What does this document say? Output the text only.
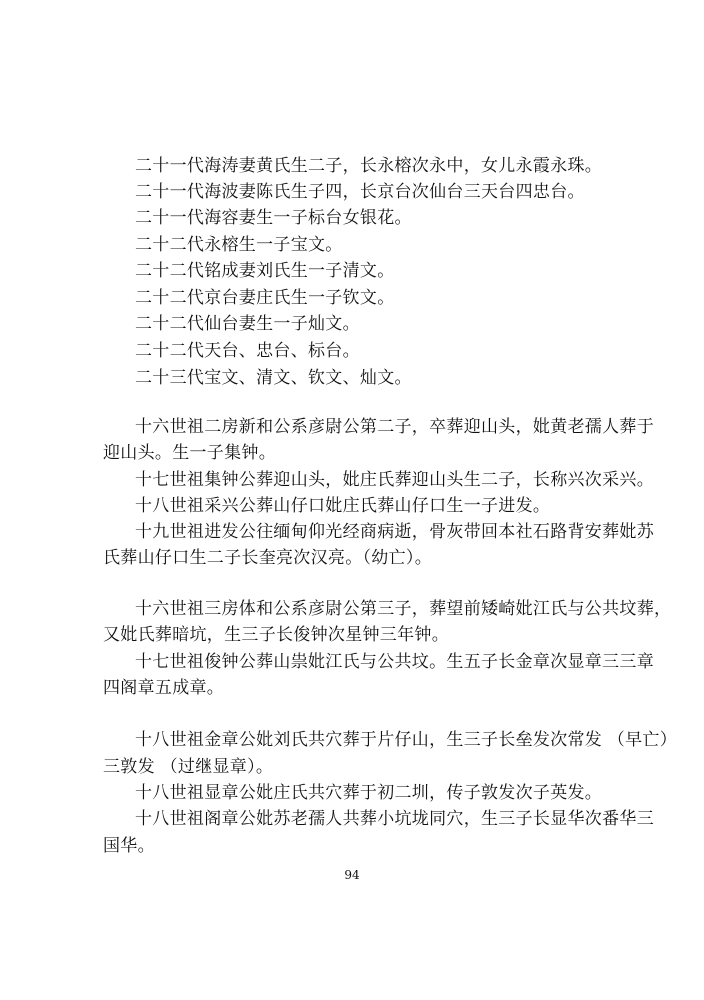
二十一代海涛妻黄氏生二子，长永榕次永中，女儿永霞永珠。
二十一代海波妻陈氏生子四，长京台次仙台三天台四忠台。
二十一代海容妻生一子标台女银花。
二十二代永榕生一子宝文。
二十二代铭成妻刘氏生一子清文。
二十二代京台妻庄氏生一子钦文。
二十二代仙台妻生一子灿文。
二十二代天台、忠台、标台。
二十三代宝文、清文、钦文、灿文。
十六世祖二房新和公系彦尉公第二子，卒葬迎山头，妣黄老孺人葬于
迎山头。生一子集钟。
十七世祖集钟公葬迎山头，妣庄氏葬迎山头生二子，长称兴次采兴。
十八世祖采兴公葬山仔口妣庄氏葬山仔口生一子进发。
十九世祖进发公往缅甸仰光经商病逝，骨灰带回本社石路背安葬妣苏
氏葬山仔口生二子长奎亮次汉亮。（幼亡）。
十六世祖三房体和公系彦尉公第三子，葬望前矮崎妣江氏与公共坟葬，
又妣氏葬暗坑，生三子长俊钟次星钟三年钟。
十七世祖俊钟公葬山祟妣江氏与公共坟。生五子长金章次显章三三章
四阁章五成章。
十八世祖金章公妣刘氏共穴葬于片仔山，生三子长垒发次常发 （早亡）
三敦发 （过继显章）。
十八世祖显章公妣庄氏共穴葬于初二圳，传子敦发次子英发。
十八世祖阁章公妣苏老孺人共葬小坑垅同穴，生三子长显华次番华三
国华。
94
